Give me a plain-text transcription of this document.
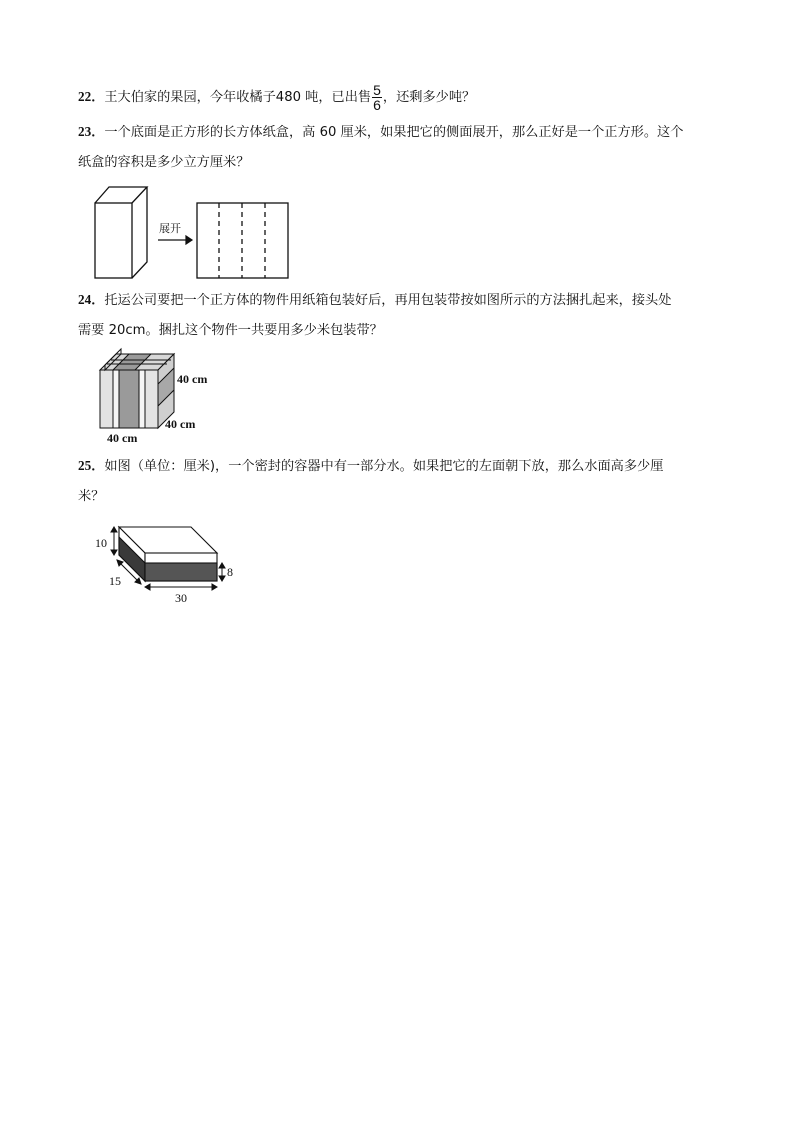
22．王大伯家的果园，今年收橘子480 吨，已出售 $\frac{5}{6}$ ，还剩多少吨？
23．一个底面是正方形的长方体纸盒，高 60 厘米，如果把它的侧面展开，那么正好是一个正方形。这个
纸盒的容积是多少立方厘米？
展开
24．托运公司要把一个正方体的物件用纸箱包装好后，再用包装带按如图所示的方法捆扎起来，接头处
需要 20cm。捆扎这个物件一共要用多少米包装带？
40 cm
40 cm
40 cm
25．如图（单位：厘米)，一个密封的容器中有一部分水。如果把它的左面朝下放，那么水面高多少厘
米？
10
15
30
8
